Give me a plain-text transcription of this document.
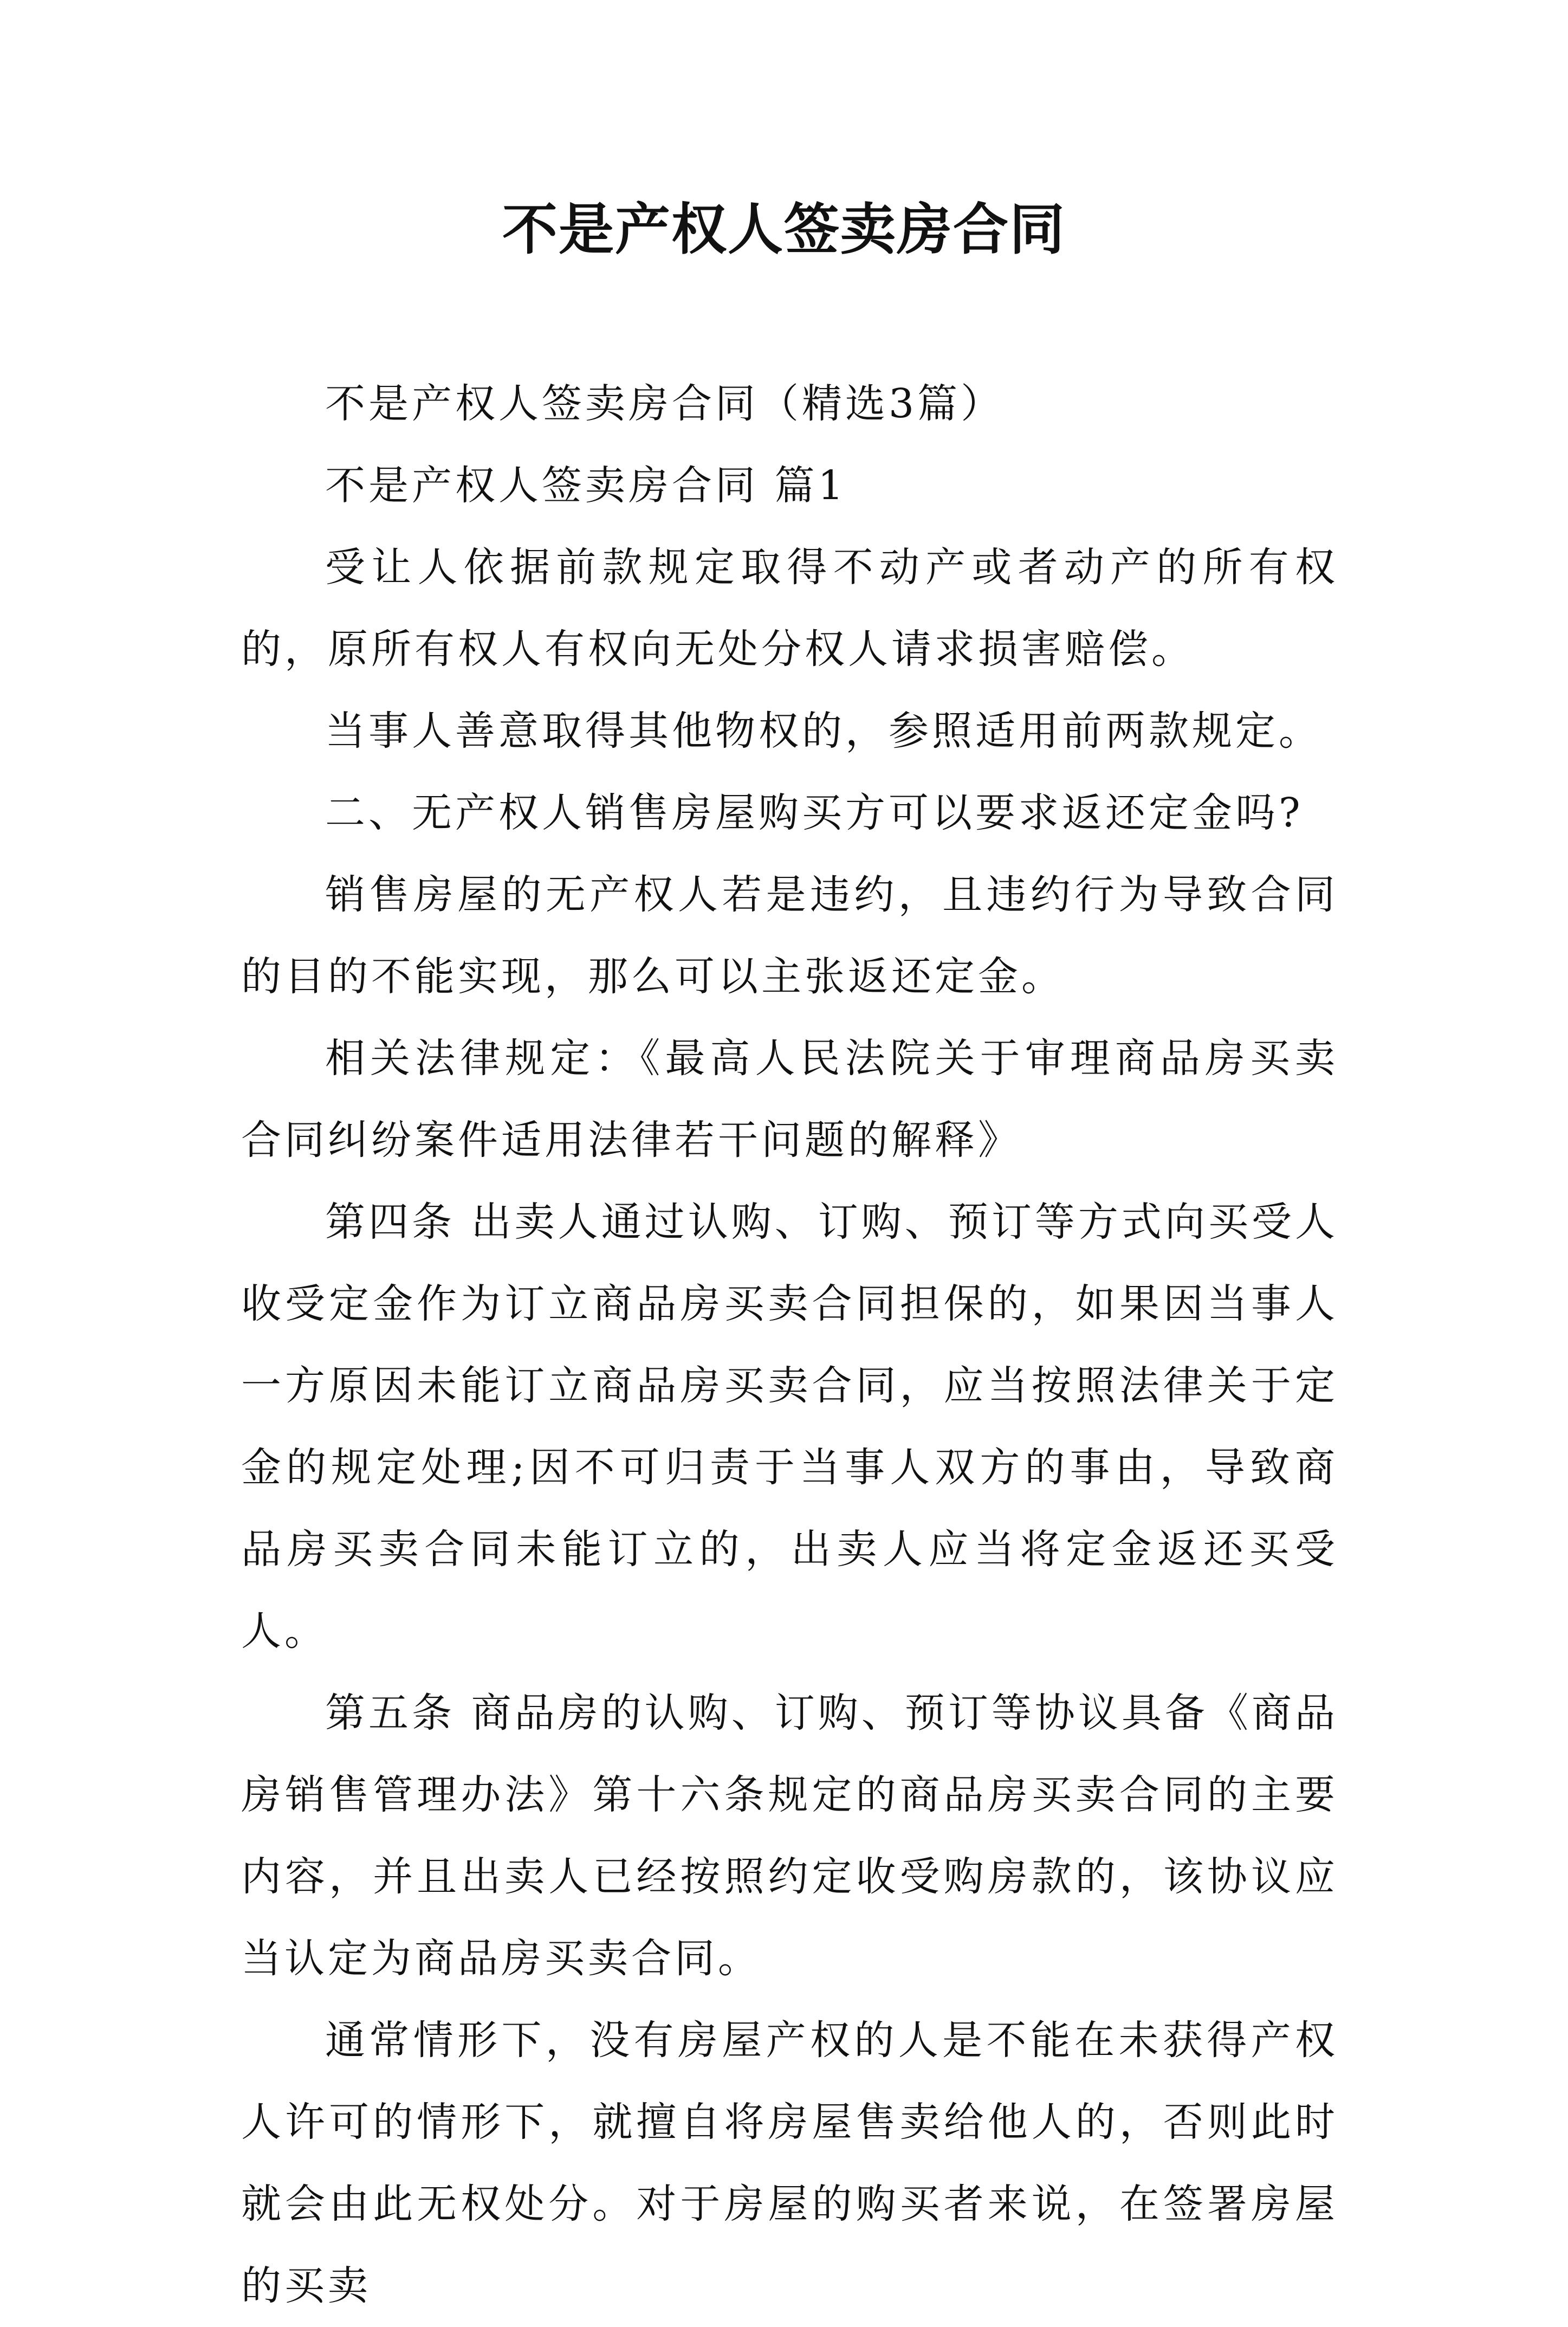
不是产权人签卖房合同

不是产权人签卖房合同（精选3篇）

不是产权人签卖房合同 篇1

受让人依据前款规定取得不动产或者动产的所有权的，原所有权人有权向无处分权人请求损害赔偿。

当事人善意取得其他物权的，参照适用前两款规定。

二、无产权人销售房屋购买方可以要求返还定金吗?

销售房屋的无产权人若是违约，且违约行为导致合同的目的不能实现，那么可以主张返还定金。

相关法律规定：《最高人民法院关于审理商品房买卖合同纠纷案件适用法律若干问题的解释》

第四条 出卖人通过认购、订购、预订等方式向买受人收受定金作为订立商品房买卖合同担保的，如果因当事人一方原因未能订立商品房买卖合同，应当按照法律关于定金的规定处理;因不可归责于当事人双方的事由，导致商品房买卖合同未能订立的，出卖人应当将定金返还买受人。

第五条 商品房的认购、订购、预订等协议具备《商品房销售管理办法》第十六条规定的商品房买卖合同的主要内容，并且出卖人已经按照约定收受购房款的，该协议应当认定为商品房买卖合同。

通常情形下，没有房屋产权的人是不能在未获得产权人许可的情形下，就擅自将房屋售卖给他人的，否则此时就会由此无权处分。对于房屋的购买者来说，在签署房屋的买卖
